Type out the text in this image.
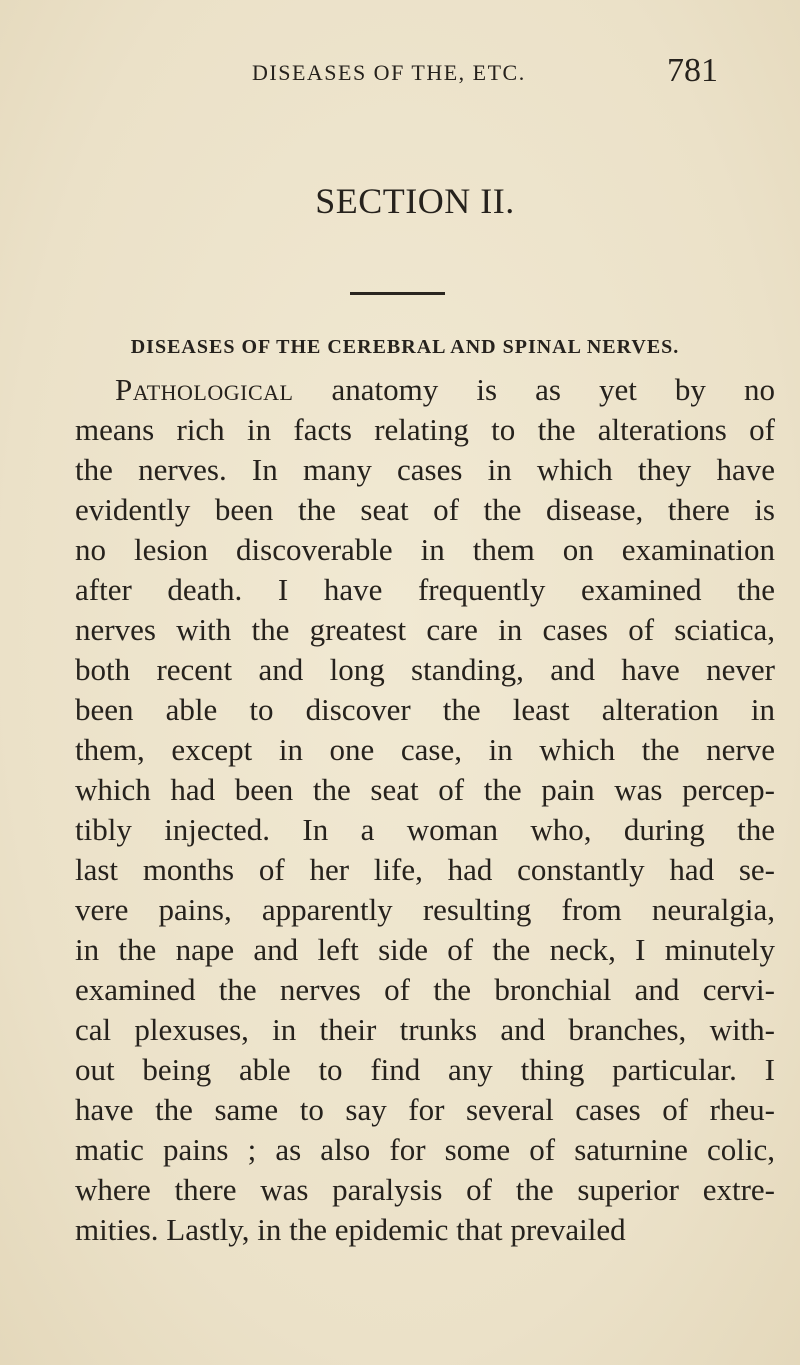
DISEASES OF THE, ETC.	781
SECTION II.
DISEASES OF THE CEREBRAL AND SPINAL NERVES.
Pathological anatomy is as yet by no
means rich in facts relating to the alterations of
the nerves. In many cases in which they have
evidently been the seat of the disease, there is
no lesion discoverable in them on examination
after death. I have frequently examined the
nerves with the greatest care in cases of sciatica,
both recent and long standing, and have never
been able to discover the least alteration in
them, except in one case, in which the nerve
which had been the seat of the pain was percep-
tibly injected. In a woman who, during the
last months of her life, had constantly had se-
vere pains, apparently resulting from neuralgia,
in the nape and left side of the neck, I minutely
examined the nerves of the bronchial and cervi-
cal plexuses, in their trunks and branches, with-
out being able to find any thing particular. I
have the same to say for several cases of rheu-
matic pains ; as also for some of saturnine colic,
where there was paralysis of the superior extre-
mities. Lastly, in the epidemic that prevailed
